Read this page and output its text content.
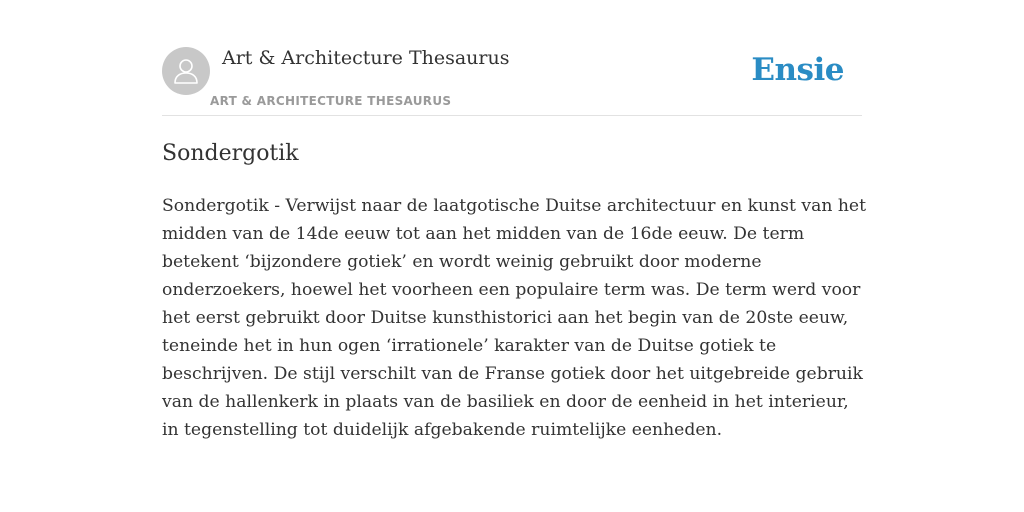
Art & Architecture Thesaurus
ART & ARCHITECTURE THESAURUS
Ensie
Sondergotik

Sondergotik - Verwijst naar de laatgotische Duitse architectuur en kunst van het midden van de 14de eeuw tot aan het midden van de 16de eeuw. De term betekent ‘bijzondere gotiek’ en wordt weinig gebruikt door moderne onderzoekers, hoewel het voorheen een populaire term was. De term werd voor het eerst gebruikt door Duitse kunsthistorici aan het begin van de 20ste eeuw, teneinde het in hun ogen ‘irrationele’ karakter van de Duitse gotiek te beschrijven. De stijl verschilt van de Franse gotiek door het uitgebreide gebruik van de hallenkerk in plaats van de basiliek en door de eenheid in het interieur, in tegenstelling tot duidelijk afgebakende ruimtelijke eenheden.
